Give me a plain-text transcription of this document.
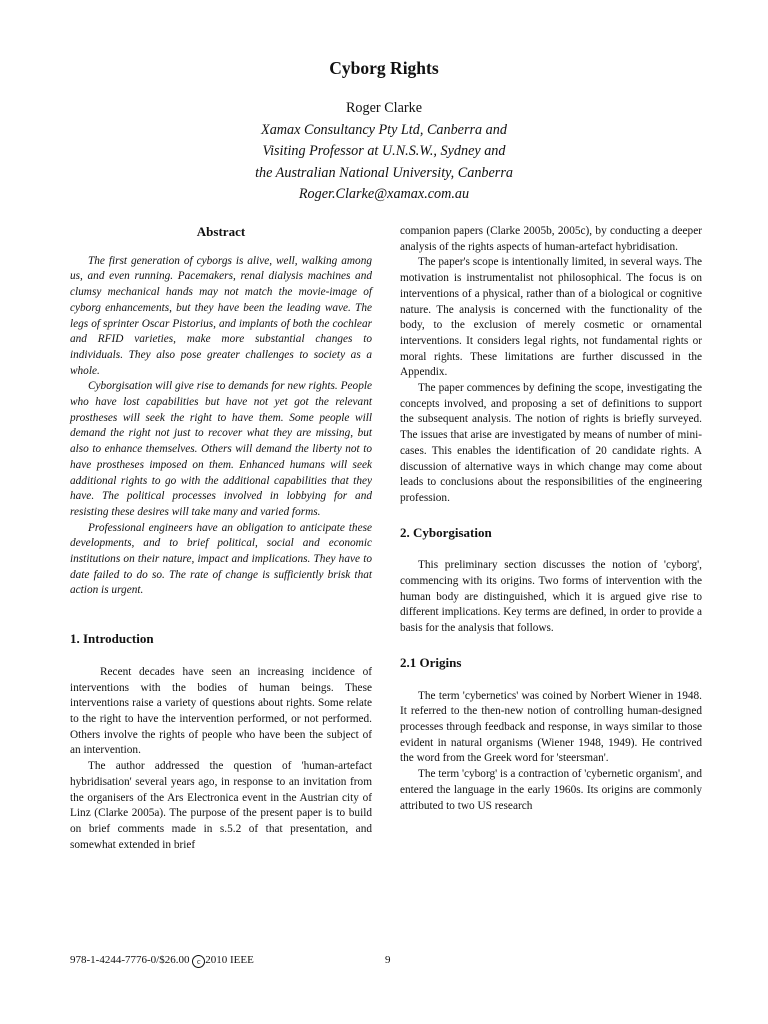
Cyborg Rights
Roger Clarke
Xamax Consultancy Pty Ltd, Canberra and
Visiting Professor at U.N.S.W., Sydney and
the Australian National University, Canberra
Roger.Clarke@xamax.com.au
Abstract

The first generation of cyborgs is alive, well, walking among us, and even running. Pacemakers, renal dialysis machines and clumsy mechanical hands may not match the movie-image of cyborg enhancements, but they have been the leading wave. The legs of sprinter Oscar Pistorius, and implants of both the cochlear and RFID varieties, make more substantial changes to individuals. They also pose greater challenges to society as a whole.

Cyborgisation will give rise to demands for new rights. People who have lost capabilities but have not yet got the relevant prostheses will seek the right to have them. Some people will demand the right not just to recover what they are missing, but also to enhance themselves. Others will demand the liberty not to have prostheses imposed on them. Enhanced humans will seek additional rights to go with the additional capabilities that they have. The political processes involved in lobbying for and resisting these desires will take many and varied forms.

Professional engineers have an obligation to anticipate these developments, and to brief political, social and economic institutions on their nature, impact and implications. They have to date failed to do so. The rate of change is sufficiently brisk that action is urgent.

1. Introduction

Recent decades have seen an increasing incidence of interventions with the bodies of human beings. These interventions raise a variety of questions about rights. Some relate to the right to have the intervention performed, or not performed. Others involve the rights of people who have been the subject of an intervention.

The author addressed the question of 'human-artefact hybridisation' several years ago, in response to an invitation from the organisers of the Ars Electronica event in the Austrian city of Linz (Clarke 2005a). The purpose of the present paper is to build on brief comments made in s.5.2 of that presentation, and somewhat extended in brief

companion papers (Clarke 2005b, 2005c), by conducting a deeper analysis of the rights aspects of human-artefact hybridisation.

The paper's scope is intentionally limited, in several ways. The motivation is instrumentalist not philosophical. The focus is on interventions of a physical, rather than of a biological or cognitive nature. The analysis is concerned with the functionality of the body, to the exclusion of merely cosmetic or ornamental interventions. It considers legal rights, not fundamental rights or moral rights. These limitations are further discussed in the Appendix.

The paper commences by defining the scope, investigating the concepts involved, and proposing a set of definitions to support the subsequent analysis. The notion of rights is briefly surveyed. The issues that arise are investigated by means of number of mini-cases. This enables the identification of 20 candidate rights. A discussion of alternative ways in which change may come about leads to conclusions about the responsibilities of the engineering profession.

2. Cyborgisation

This preliminary section discusses the notion of 'cyborg', commencing with its origins. Two forms of intervention with the human body are distinguished, which it is argued give rise to different implications. Key terms are defined, in order to provide a basis for the analysis that follows.

2.1 Origins

The term 'cybernetics' was coined by Norbert Wiener in 1948. It referred to the then-new notion of controlling human-designed processes through feedback and response, in ways similar to those evident in natural organisms (Wiener 1948, 1949). He contrived the word from the Greek word for 'steersman'.

The term 'cyborg' is a contraction of 'cybernetic organism', and entered the language in the early 1960s. Its origins are commonly attributed to two US research

978-1-4244-7776-0/$26.00 c 2010 IEEE	9
